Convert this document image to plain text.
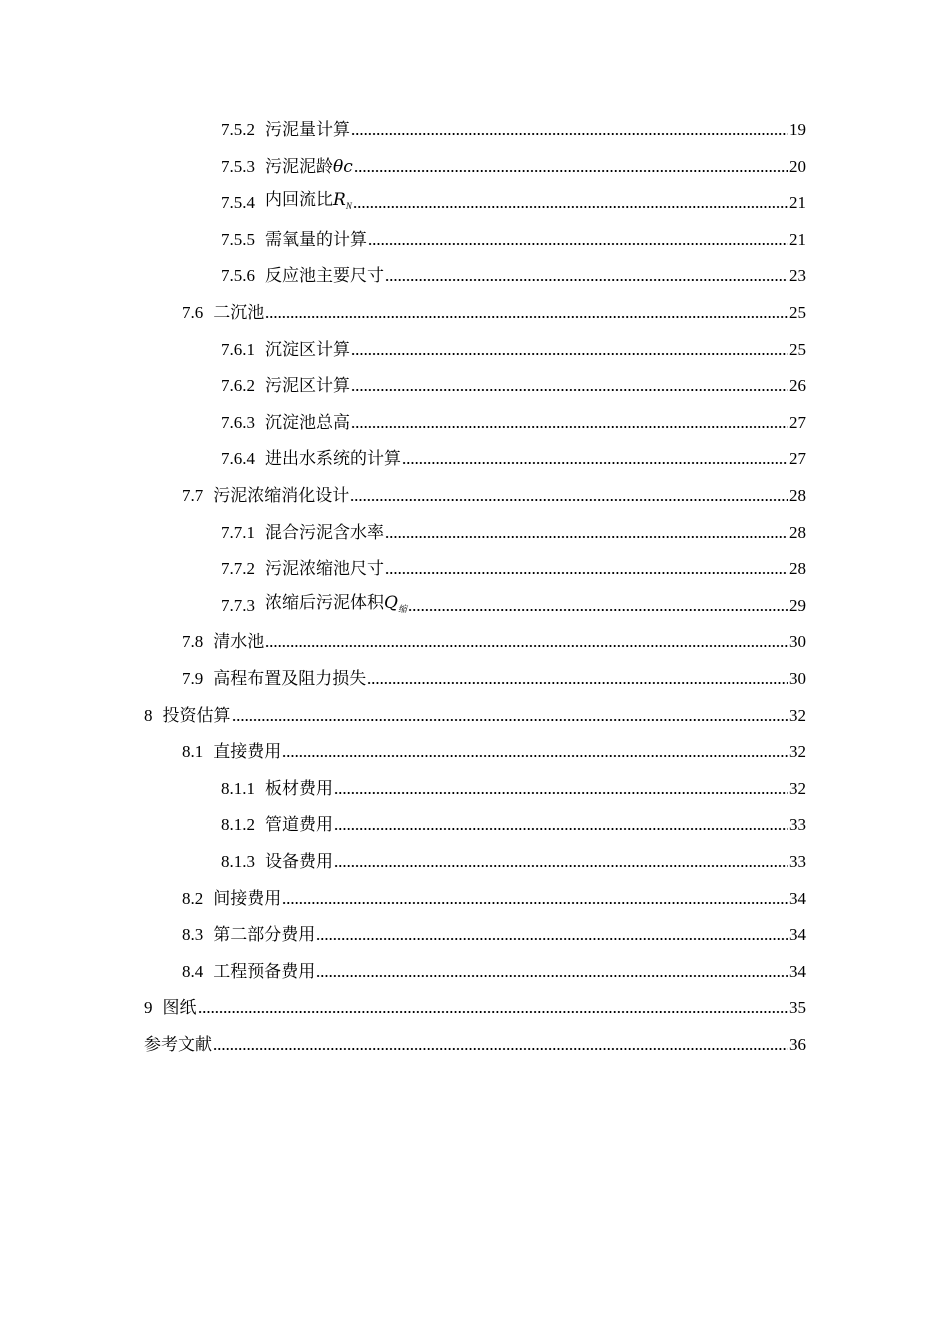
7.5.2 污泥量计算	19
7.5.3 污泥泥龄θc	20
7.5.4 内回流比$R_N$	21
7.5.5 需氧量的计算	21
7.5.6 反应池主要尺寸	23
7.6 二沉池	25
7.6.1 沉淀区计算	25
7.6.2 污泥区计算	26
7.6.3 沉淀池总高	27
7.6.4 进出水系统的计算	27
7.7 污泥浓缩消化设计	28
7.7.1 混合污泥含水率	28
7.7.2 污泥浓缩池尺寸	28
7.7.3 浓缩后污泥体积$Q_缩$	29
7.8 清水池	30
7.9 高程布置及阻力损失	30
8 投资估算	32
8.1 直接费用	32
8.1.1 板材费用	32
8.1.2 管道费用	33
8.1.3 设备费用	33
8.2 间接费用	34
8.3 第二部分费用	34
8.4 工程预备费用	34
9 图纸	35
参考文献	36
